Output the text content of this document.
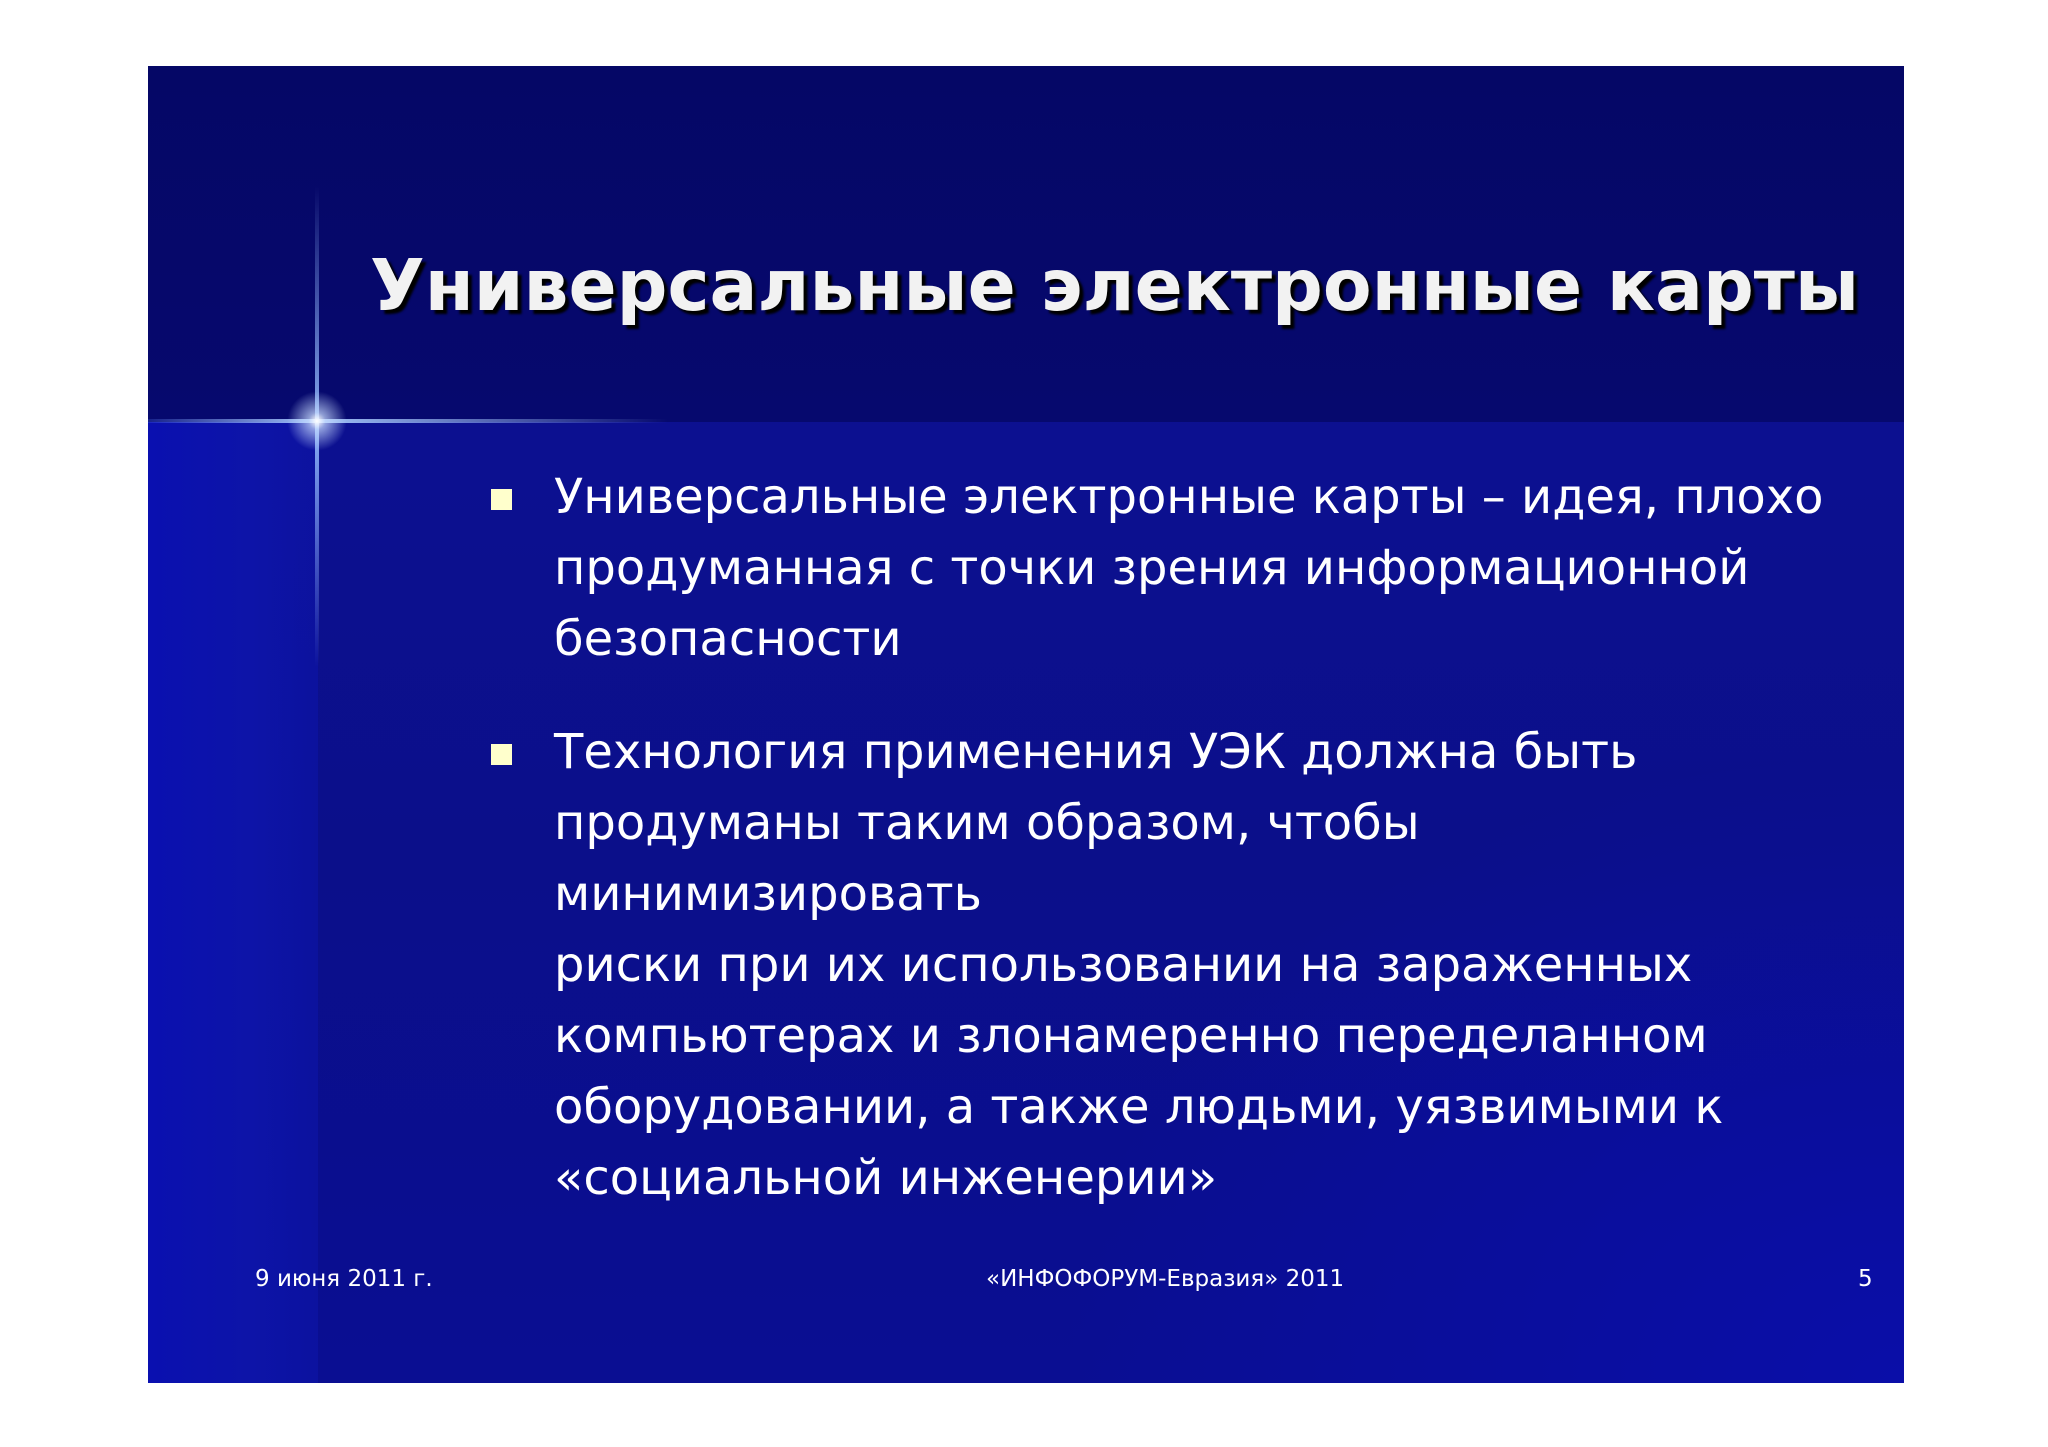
Универсальные электронные карты
Универсальные электронные карты – идея, плохо
продуманная с точки зрения информационной
безопасности
Технология применения УЭК должна быть
продуманы таким образом, чтобы минимизировать
риски при их использовании на зараженных
компьютерах и злонамеренно переделанном
оборудовании, а также людьми, уязвимыми к
«социальной инженерии»
9 июня 2011 г.	«ИНФОФОРУМ-Евразия» 2011	5
